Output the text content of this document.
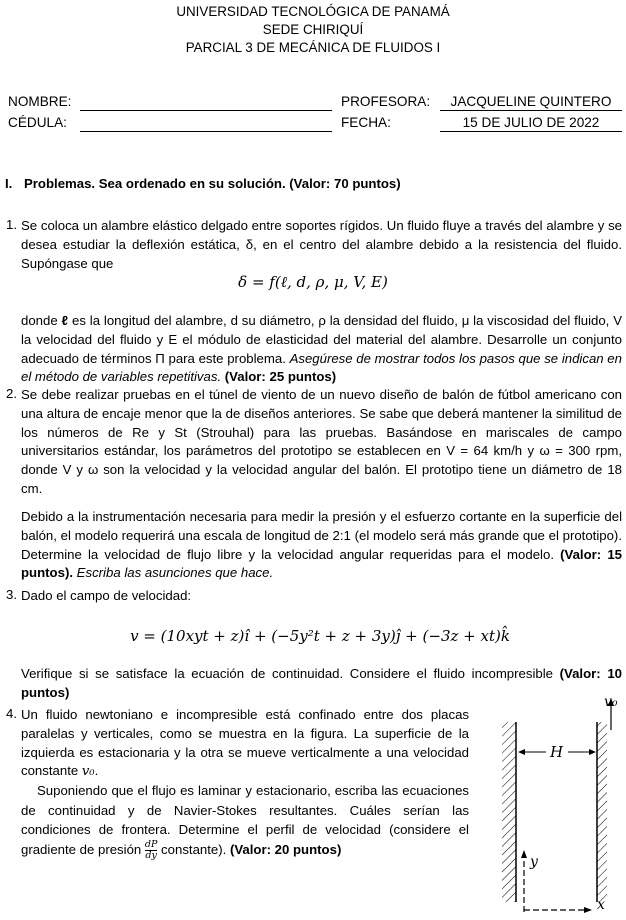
UNIVERSIDAD TECNOLÓGICA DE PANAMÁ
SEDE CHIRIQUÍ
PARCIAL 3 DE MECÁNICA DE FLUIDOS I
NOMBRE:	PROFESORA:	JACQUELINE QUINTERO
CÉDULA:	FECHA:	15 DE JULIO DE 2022
I. Problemas. Sea ordenado en su solución. (Valor: 70 puntos)
1. Se coloca un alambre elástico delgado entre soportes rígidos. Un fluido fluye a través del alambre y se desea estudiar la deflexión estática, δ, en el centro del alambre debido a la resistencia del fluido. Supóngase que

δ = f(ℓ, d, ρ, μ, V, E)

donde ℓ es la longitud del alambre, d su diámetro, ρ la densidad del fluido, μ la viscosidad del fluido, V la velocidad del fluido y E el módulo de elasticidad del material del alambre. Desarrolle un conjunto adecuado de términos Π para este problema. Asegúrese de mostrar todos los pasos que se indican en el método de variables repetitivas. (Valor: 25 puntos)

2. Se debe realizar pruebas en el túnel de viento de un nuevo diseño de balón de fútbol americano con una altura de encaje menor que la de diseños anteriores. Se sabe que deberá mantener la similitud de los números de Re y St (Strouhal) para las pruebas. Basándose en mariscales de campo universitarios estándar, los parámetros del prototipo se establecen en V = 64 km/h y ω = 300 rpm, donde V y ω son la velocidad y la velocidad angular del balón. El prototipo tiene un diámetro de 18 cm.

Debido a la instrumentación necesaria para medir la presión y el esfuerzo cortante en la superficie del balón, el modelo requerirá una escala de longitud de 2:1 (el modelo será más grande que el prototipo). Determine la velocidad de flujo libre y la velocidad angular requeridas para el modelo. (Valor: 15 puntos). Escriba las asunciones que hace.

3. Dado el campo de velocidad:
v = (10xyt + z)î + (−5y²t + z + 3y)ĵ + (−3z + xt)k̂

Verifique si se satisface la ecuación de continuidad. Considere el fluido incompresible (Valor: 10 puntos)

4. Un fluido newtoniano e incompresible está confinado entre dos placas paralelas y verticales, como se muestra en la figura. La superficie de la izquierda es estacionaria y la otra se mueve verticalmente a una velocidad constante v₀.

Suponiendo que el flujo es laminar y estacionario, escriba las ecuaciones de continuidad y de Navier-Stokes resultantes. Cuáles serían las condiciones de frontera. Determine el perfil de velocidad (considere el gradiente de presión $\frac{dP}{dy}$ constante). (Valor: 20 puntos)

v₀
H
y
x
